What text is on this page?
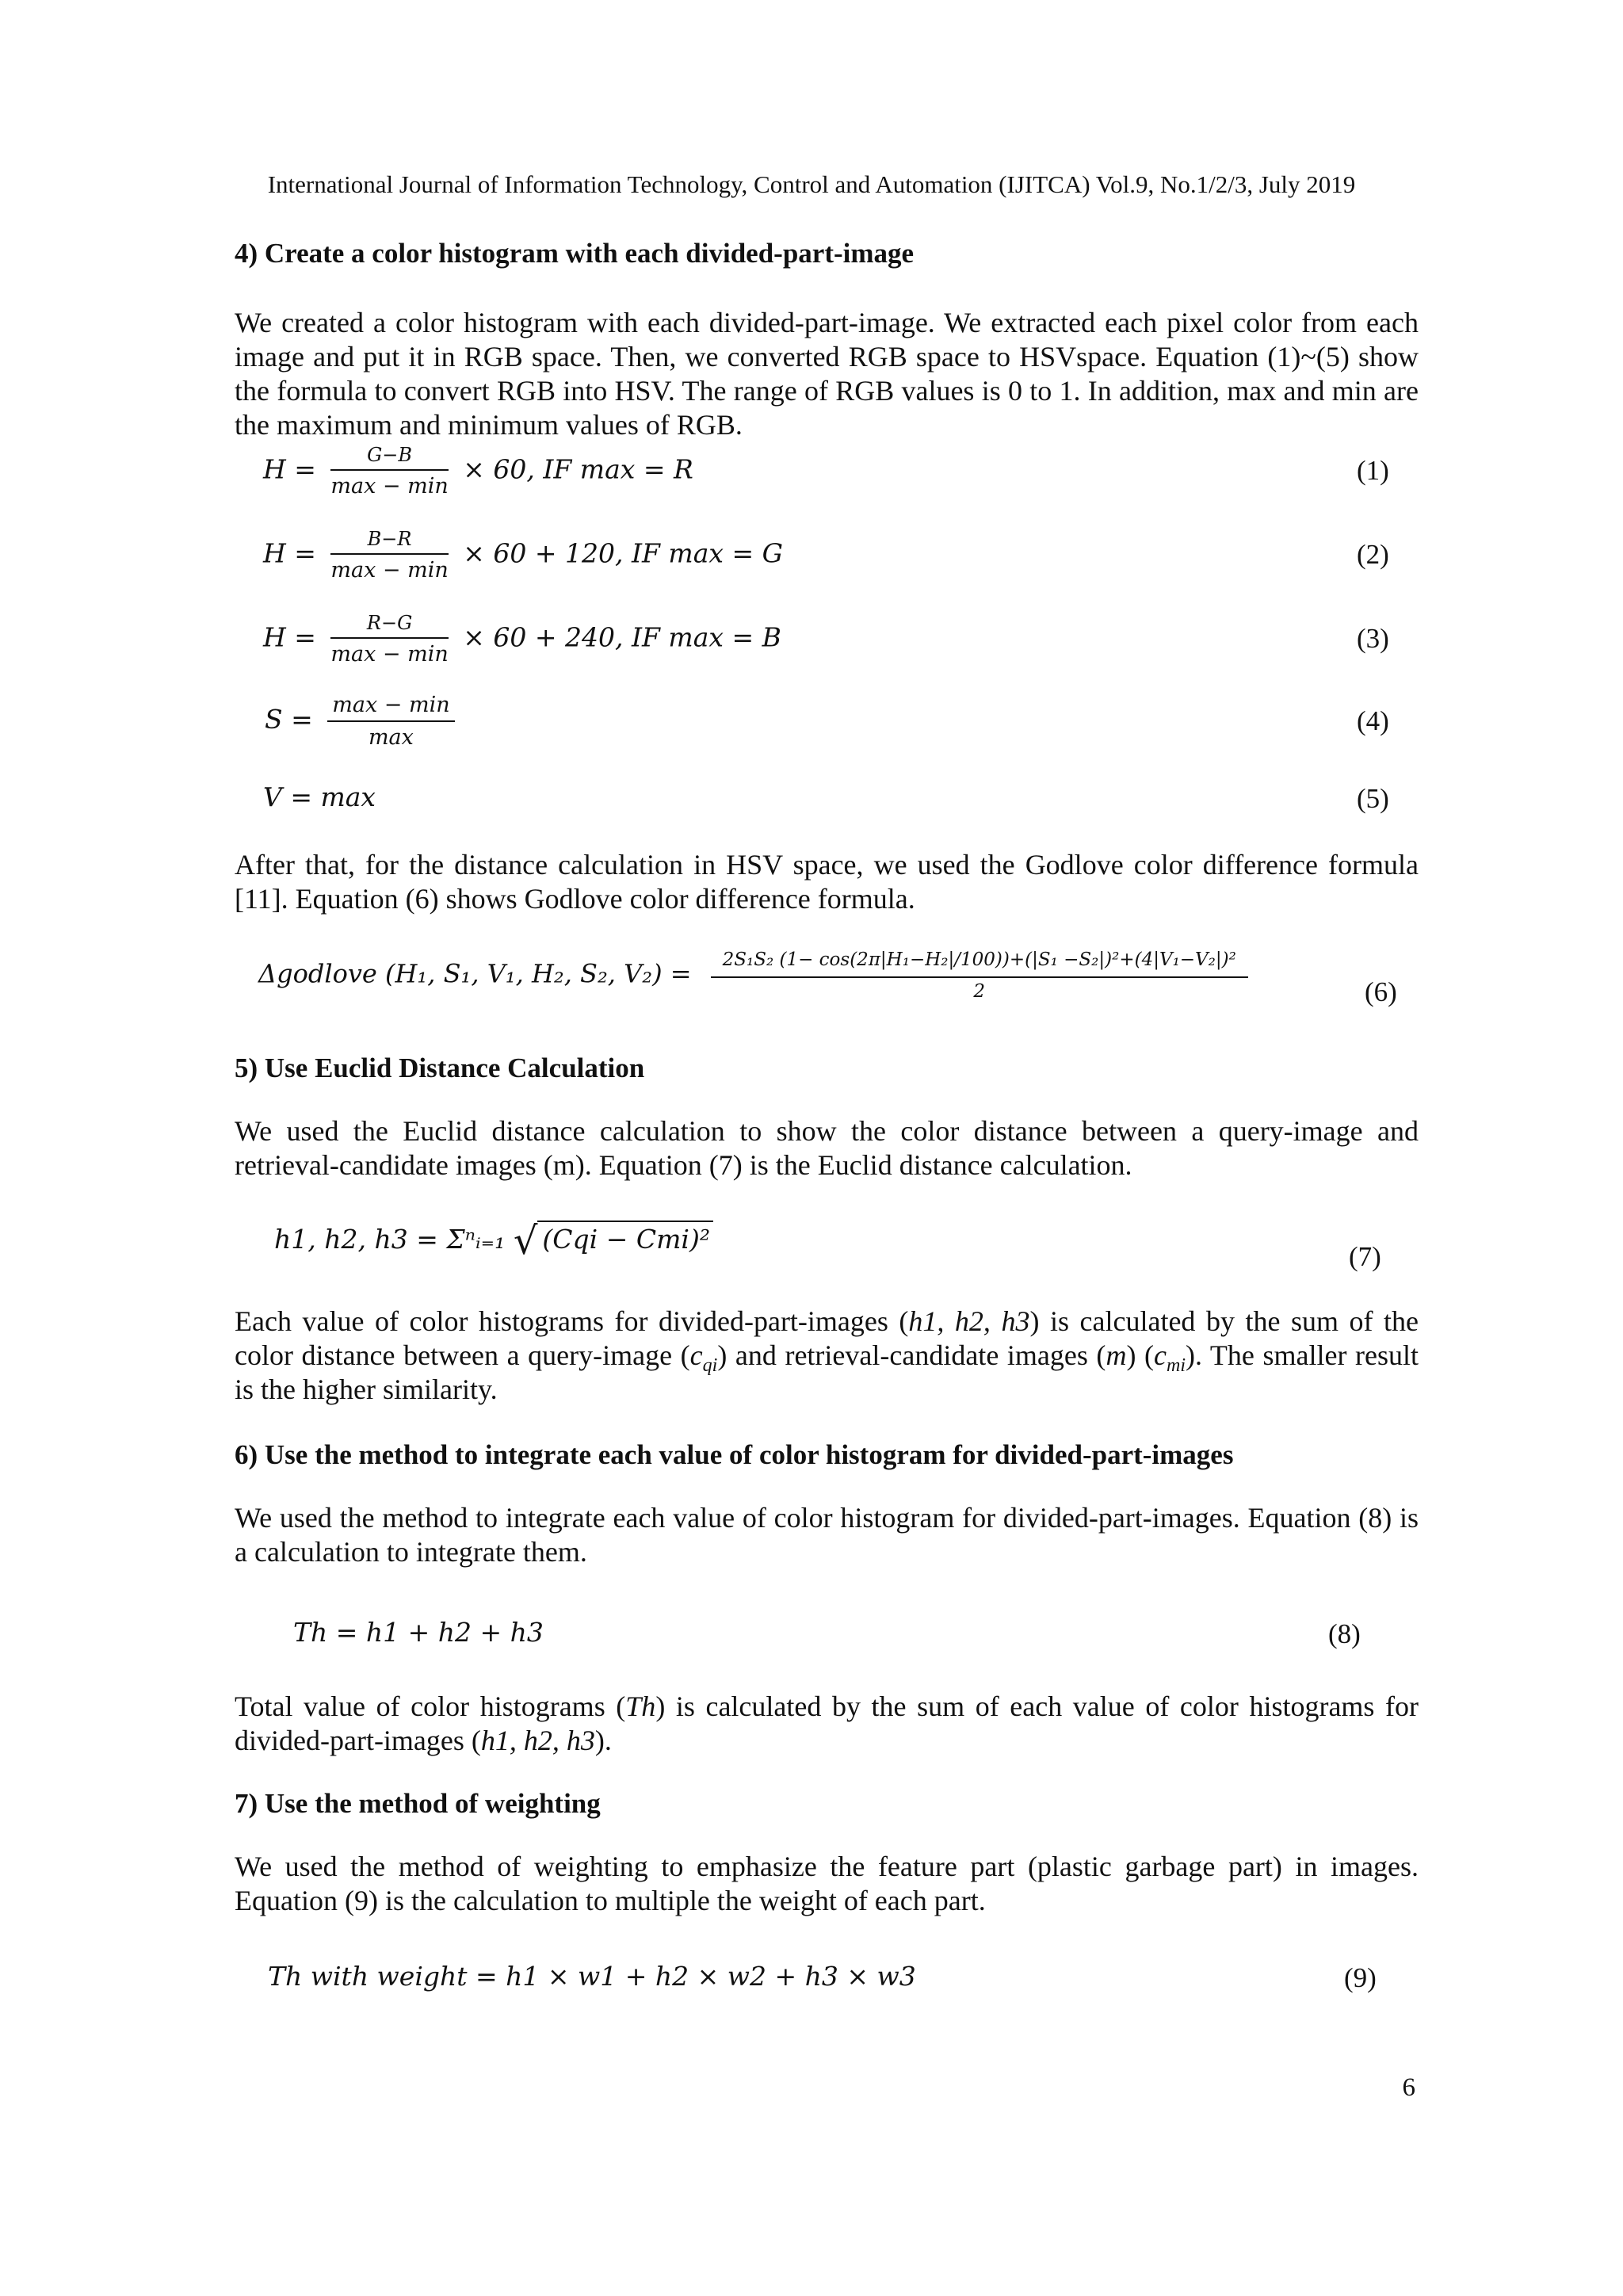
International Journal of Information Technology, Control and Automation (IJITCA) Vol.9, No.1/2/3, July 2019
4) Create a color histogram with each divided-part-image
We created a color histogram with each divided-part-image. We extracted each pixel color from each image and put it in RGB space. Then, we converted RGB space to HSVspace. Equation (1)~(5) show the formula to convert RGB into HSV. The range of RGB values is 0 to 1. In addition, max and min are the maximum and minimum values of RGB.
$H = \frac{G-B}{\max - \min} \times 60$, IF max = R	(1)
$H = \frac{B-R}{\max - \min} \times 60 + 120$, IF max = G	(2)
$H = \frac{R-G}{\max - \min} \times 60 + 240$, IF max = B	(3)
$S = \frac{\max - \min}{\max}$	(4)
V = max	(5)
After that, for the distance calculation in HSV space, we used the Godlove color difference formula [11]. Equation (6) shows Godlove color difference formula.
Δgodlove (H₁, S₁, V₁, H₂, S₂, $V_2) = \frac{\text{2S₁S₂ (1− cos(2π|H₁−H₂|/100))+(|S₁ −S₂|)²+(4|V₁−V₂|)²}}{2}$	(6)
5) Use Euclid Distance Calculation
We used the Euclid distance calculation to show the color distance between a query-image and retrieval-candidate images (m). Equation (7) is the Euclid distance calculation.
h1, h2, h3 = Σⁿᵢ₌₁ √ (Cqi − Cmi)²
(7)
Each value of color histograms for divided-part-images (h1, h2, h3) is calculated by the sum of the color distance between a query-image $(c_{qi})$ and retrieval-candidate images (m) $(c_{mi})$. The smaller result is the higher similarity.
6) Use the method to integrate each value of color histogram for divided-part-images
We used the method to integrate each value of color histogram for divided-part-images. Equation (8) is a calculation to integrate them.
Th = h1 + h2 + h3	(8)
Total value of color histograms (Th) is calculated by the sum of each value of color histograms for divided-part-images (h1, h2, h3).
7) Use the method of weighting
We used the method of weighting to emphasize the feature part (plastic garbage part) in images. Equation (9) is the calculation to multiple the weight of each part.
Th with weight = h1 × w1 + h2 × w2 + h3 × w3	(9)
6
